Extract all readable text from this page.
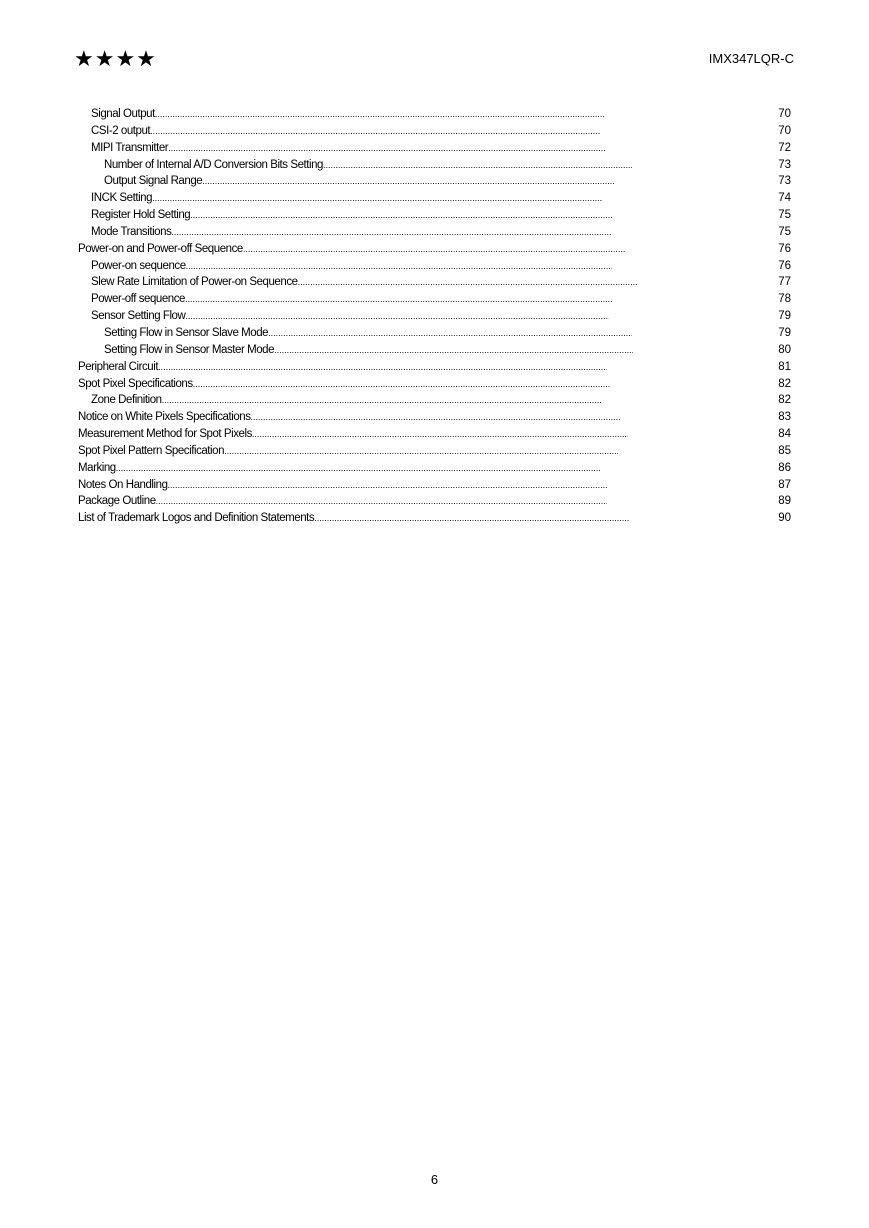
★★★★	IMX347LQR-C
Signal Output .....	70
CSI-2 output .....	70
MIPI Transmitter .....	72
Number of Internal A/D Conversion Bits Setting .....	73
Output Signal Range .....	73
INCK Setting .....	74
Register Hold Setting .....	75
Mode Transitions .....	75
Power-on and Power-off Sequence .....	76
Power-on sequence .....	76
Slew Rate Limitation of Power-on Sequence .....	77
Power-off sequence .....	78
Sensor Setting Flow .....	79
Setting Flow in Sensor Slave Mode .....	79
Setting Flow in Sensor Master Mode .....	80
Peripheral Circuit .....	81
Spot Pixel Specifications .....	82
Zone Definition .....	82
Notice on White Pixels Specifications .....	83
Measurement Method for Spot Pixels .....	84
Spot Pixel Pattern Specification .....	85
Marking .....	86
Notes On Handling .....	87
Package Outline .....	89
List of Trademark Logos and Definition Statements .....	90
6
